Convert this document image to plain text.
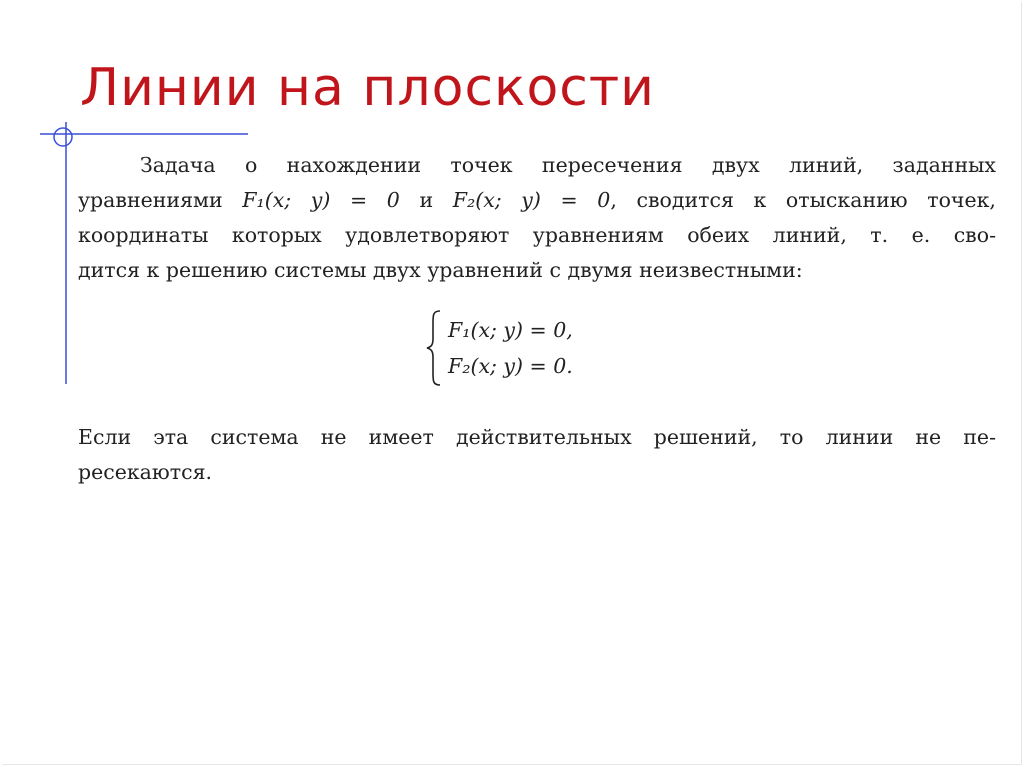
Линии на плоскости
Задача о нахождении точек пересечения двух линий, заданных
уравнениями F₁(x; y) = 0 и F₂(x; y) = 0, сводится к отысканию точек,
координаты которых удовлетворяют уравнениям обеих линий, т. е. сво-
дится к решению системы двух уравнений с двумя неизвестными:
F₁(x; y) = 0,
F₂(x; y) = 0.
Если эта система не имеет действительных решений, то линии не пе-
ресекаются.
